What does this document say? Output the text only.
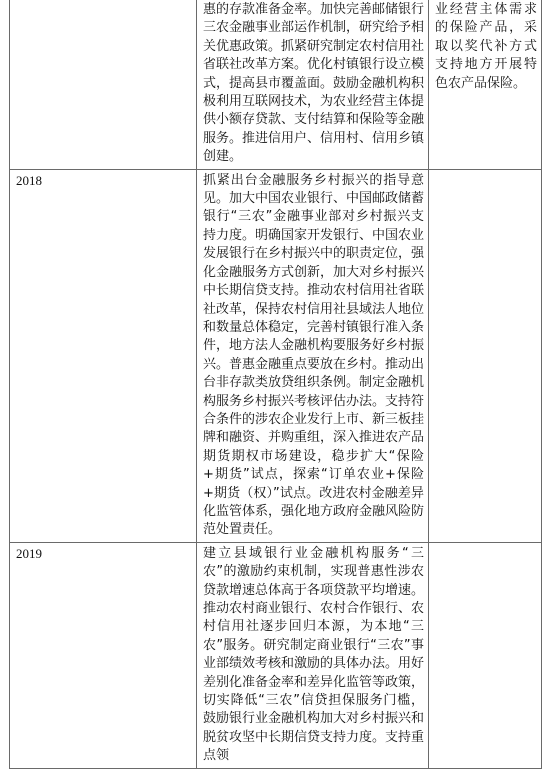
	惠的存款准备金率。加快完善邮储银行三农金融事业部运作机制，研究给予相关优惠政策。抓紧研究制定农村信用社省联社改革方案。优化村镇银行设立模式，提高县市覆盖面。鼓励金融机构积极利用互联网技术，为农业经营主体提供小额存贷款、支付结算和保险等金融服务。推进信用户、信用村、信用乡镇创建。	业经营主体需求的保险产品，采取以奖代补方式支持地方开展特色农产品保险。

2018	抓紧出台金融服务乡村振兴的指导意见。加大中国农业银行、中国邮政储蓄银行“三农”金融事业部对乡村振兴支持力度。明确国家开发银行、中国农业发展银行在乡村振兴中的职责定位，强化金融服务方式创新，加大对乡村振兴中长期信贷支持。推动农村信用社省联社改革，保持农村信用社县域法人地位和数量总体稳定，完善村镇银行准入条件，地方法人金融机构要服务好乡村振兴。普惠金融重点要放在乡村。推动出台非存款类放贷组织条例。制定金融机构服务乡村振兴考核评估办法。支持符合条件的涉农企业发行上市、新三板挂牌和融资、并购重组，深入推进农产品期货期权市场建设，稳步扩大“保险+期货”试点，探索“订单农业+保险+期货（权）”试点。改进农村金融差异化监管体系，强化地方政府金融风险防范处置责任。	

2019	建立县域银行业金融机构服务“三农”的激励约束机制，实现普惠性涉农贷款增速总体高于各项贷款平均增速。推动农村商业银行、农村合作银行、农村信用社逐步回归本源，为本地“三农”服务。研究制定商业银行“三农”事业部绩效考核和激励的具体办法。用好差别化准备金率和差异化监管等政策，切实降低“三农”信贷担保服务门槛，鼓励银行业金融机构加大对乡村振兴和脱贫攻坚中长期信贷支持力度。支持重点领	
